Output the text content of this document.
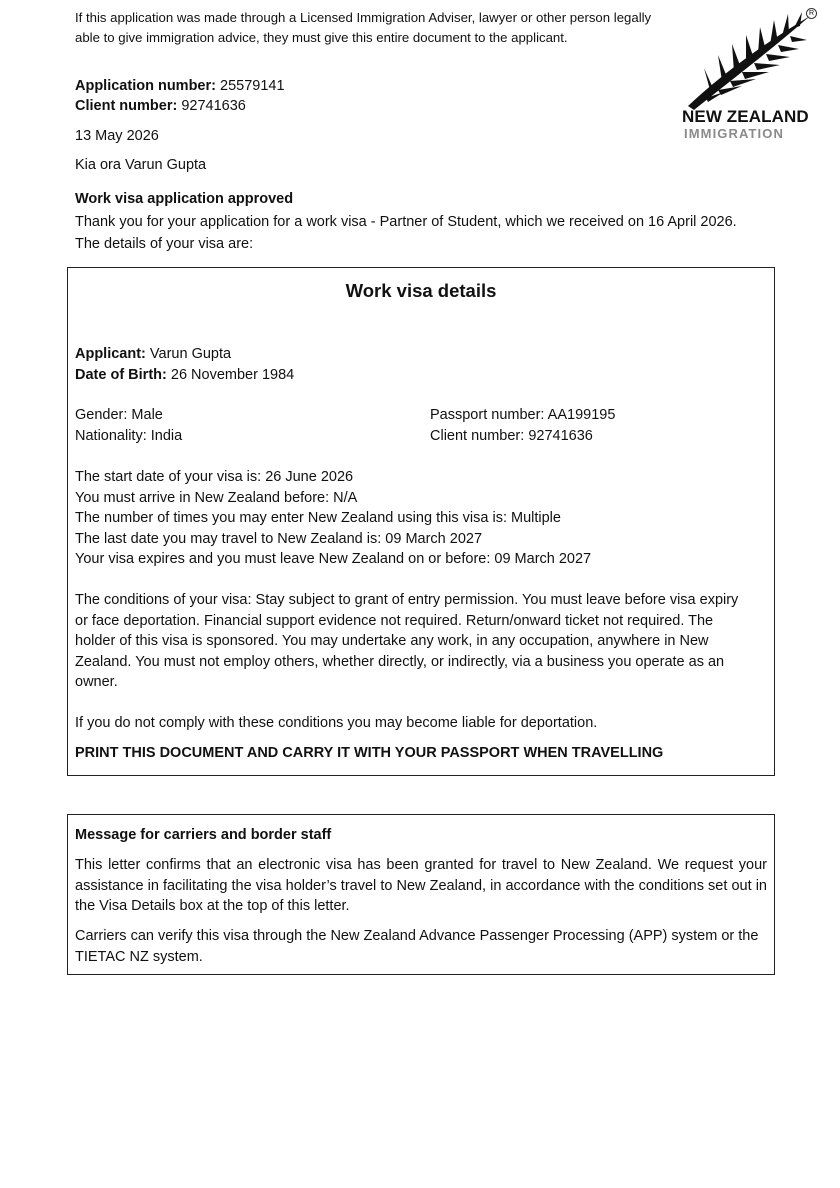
If this application was made through a Licensed Immigration Adviser, lawyer or other person legally able to give immigration advice, they must give this entire document to the applicant.
R
NEW ZEALAND
IMMIGRATION
Application number: 25579141
Client number: 92741636
13 May 2026
Kia ora Varun Gupta
Work visa application approved
Thank you for your application for a work visa - Partner of Student, which we received on 16 April 2026. The details of your visa are:
Work visa details
Applicant: Varun Gupta
Date of Birth: 26 November 1984
Gender: Male
Nationality: India
Passport number: AA199195
Client number: 92741636
The start date of your visa is: 26 June 2026
You must arrive in New Zealand before: N/A
The number of times you may enter New Zealand using this visa is: Multiple
The last date you may travel to New Zealand is: 09 March 2027
Your visa expires and you must leave New Zealand on or before: 09 March 2027
The conditions of your visa: Stay subject to grant of entry permission. You must leave before visa expiry or face deportation. Financial support evidence not required. Return/onward ticket not required. The holder of this visa is sponsored. You may undertake any work, in any occupation, anywhere in New Zealand. You must not employ others, whether directly, or indirectly, via a business you operate as an owner.
If you do not comply with these conditions you may become liable for deportation.
PRINT THIS DOCUMENT AND CARRY IT WITH YOUR PASSPORT WHEN TRAVELLING
Message for carriers and border staff
This letter confirms that an electronic visa has been granted for travel to New Zealand. We request your assistance in facilitating the visa holder’s travel to New Zealand, in accordance with the conditions set out in the Visa Details box at the top of this letter.
Carriers can verify this visa through the New Zealand Advance Passenger Processing (APP) system or the TIETAC NZ system.
